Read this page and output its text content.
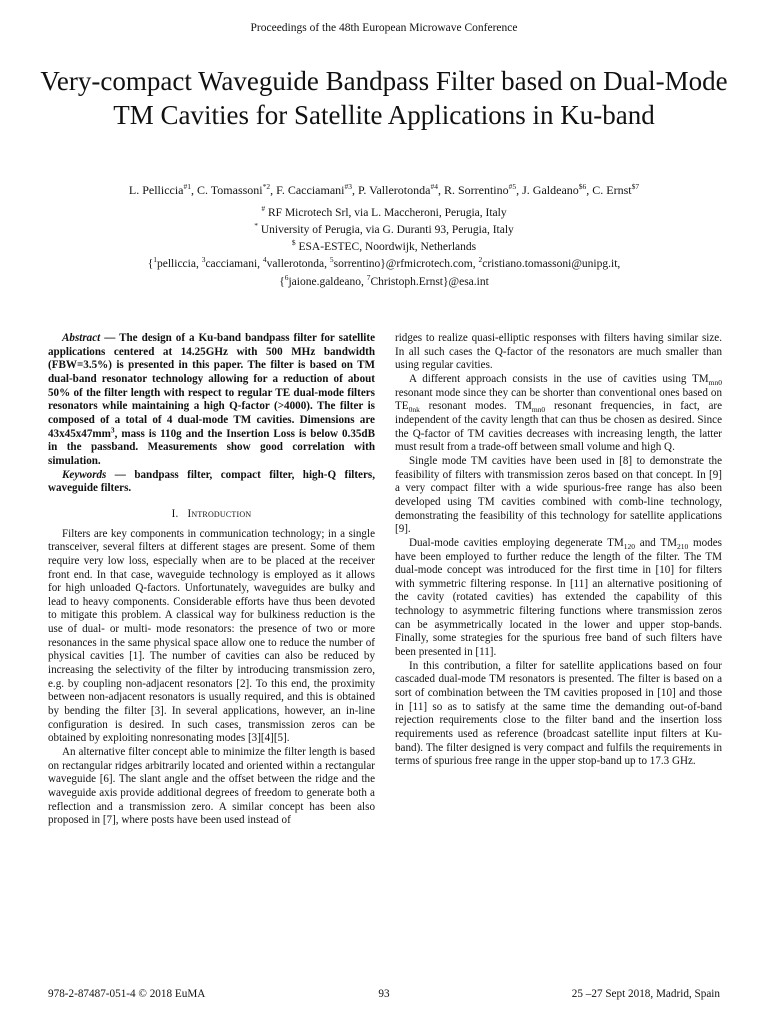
Proceedings of the 48th European Microwave Conference
Very-compact Waveguide Bandpass Filter based on Dual-Mode TM Cavities for Satellite Applications in Ku-band
L. Pelliccia$^{\#1}$, C. Tomassoni$^{*2}$, F. Cacciamani$^{\#3}$, P. Vallerotonda$^{\#4}$, R. Sorrentino$^{\#5}$, J. Galdeano$^{\$6}$, C. Ernst$^{\$7}$
# RF Microtech Srl, via L. Maccheroni, Perugia, Italy
* University of Perugia, via G. Duranti 93, Perugia, Italy
$ ESA-ESTEC, Noordwijk, Netherlands
{$^1$pelliccia, $^3$cacciamani, $^4$vallerotonda, $^5$sorrentino}@rfmicrotech.com, $^2$cristiano.tomassoni@unipg.it,
{$^6$jaione.galdeano, $^7$Christoph.Ernst}@esa.int

Abstract — The design of a Ku-band bandpass filter for satellite applications centered at 14.25GHz with 500 MHz bandwidth (FBW=3.5%) is presented in this paper. The filter is based on TM dual-band resonator technology allowing for a reduction of about 50% of the filter length with respect to regular TE dual-mode filters resonators while maintaining a high Q-factor (>4000). The filter is composed of a total of 4 dual-mode TM cavities. Dimensions are $43x45x47mm^3$, mass is 110g and the Insertion Loss is below 0.35dB in the passband. Measurements show good correlation with simulation.

Keywords — bandpass filter, compact filter, high-Q filters, waveguide filters.

I. Introduction

Filters are key components in communication technology; in a single transceiver, several filters at different stages are present. Some of them require very low loss, especially when are to be placed at the receiver front end. In that case, waveguide technology is employed as it allows for high unloaded Q-factors. Unfortunately, waveguides are bulky and lead to heavy components. Considerable efforts have thus been devoted to mitigate this problem. A classical way for bulkiness reduction is the use of dual- or multi- mode resonators: the presence of two or more resonances in the same physical space allow one to reduce the number of physical cavities [1]. The number of cavities can also be reduced by increasing the selectivity of the filter by introducing transmission zero, e.g. by coupling non-adjacent resonators [2]. To this end, the proximity between non-adjacent resonators is usually required, and this is obtained by bending the filter [3]. In several applications, however, an in-line configuration is desired. In such cases, transmission zeros can be obtained by exploiting nonresonating modes [3][4][5].

An alternative filter concept able to minimize the filter length is based on rectangular ridges arbitrarily located and oriented within a rectangular waveguide [6]. The slant angle and the offset between the ridge and the waveguide axis provide additional degrees of freedom to generate both a reflection and a transmission zero. A similar concept has been also proposed in [7], where posts have been used instead of

ridges to realize quasi-elliptic responses with filters having similar size. In all such cases the Q-factor of the resonators are much smaller than using regular cavities.

A different approach consists in the use of cavities using $TM_{mn0}$ resonant mode since they can be shorter than conventional ones based on $TE_{0nk}$ resonant modes. $TM_{mn0}$ resonant frequencies, in fact, are independent of the cavity length that can thus be chosen as desired. Since the Q-factor of TM cavities decreases with increasing length, the latter must result from a trade-off between small volume and high Q.

Single mode TM cavities have been used in [8] to demonstrate the feasibility of filters with transmission zeros based on that concept. In [9] a very compact filter with a wide spurious-free range has also been developed using TM cavities combined with comb-line technology, demonstrating the feasibility of this technology for satellite applications [9].

Dual-mode cavities employing degenerate $TM_{120}$ and $TM_{210}$ modes have been employed to further reduce the length of the filter. The TM dual-mode concept was introduced for the first time in [10] for filters with symmetric filtering response. In [11] an alternative positioning of the cavity (rotated cavities) has extended the capability of this technology to asymmetric filtering functions where transmission zeros can be asymmetrically located in the lower and upper stop-bands. Finally, some strategies for the spurious free band of such filters have been presented in [11].

In this contribution, a filter for satellite applications based on four cascaded dual-mode TM resonators is presented. The filter is based on a sort of combination between the TM cavities proposed in [10] and those in [11] so as to satisfy at the same time the demanding out-of-band rejection requirements close to the filter band and the insertion loss requirements used as reference (broadcast satellite input filters at Ku-band). The filter designed is very compact and fulfils the requirements in terms of spurious free range in the upper stop-band up to 17.3 GHz.

978-2-87487-051-4 © 2018 EuMA	93	25 –27 Sept 2018, Madrid, Spain
